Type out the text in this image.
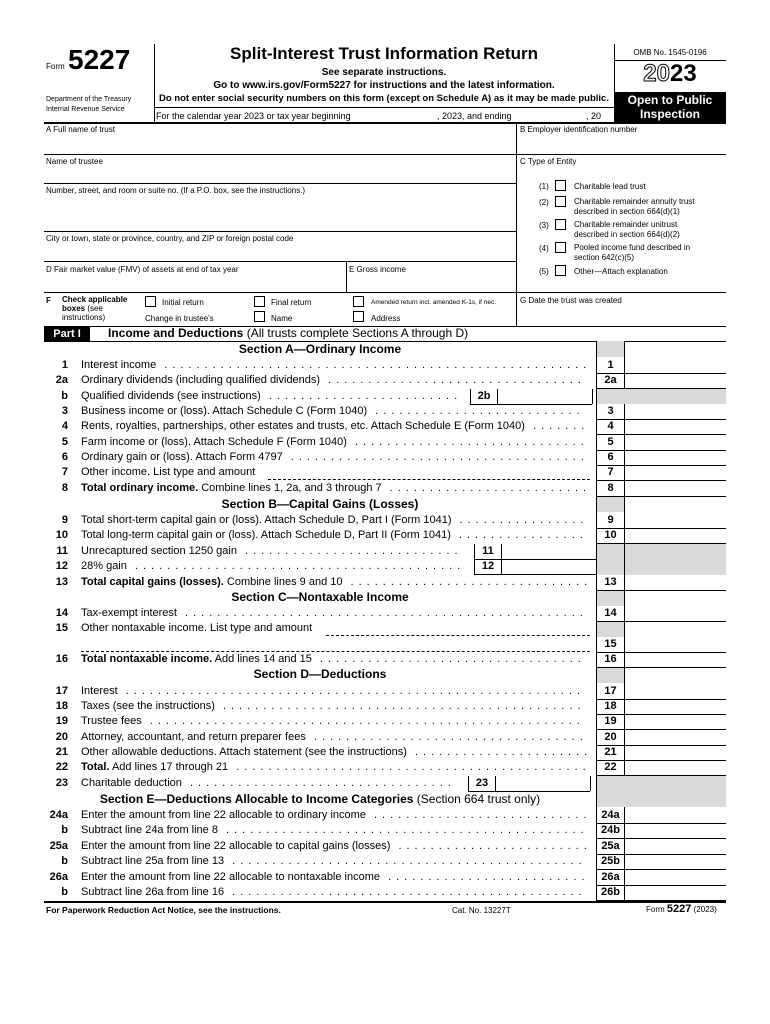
Form 5227
Department of the Treasury
Internal Revenue Service
Split-Interest Trust Information Return
See separate instructions.
Go to www.irs.gov/Form5227 for instructions and the latest information.
Do not enter social security numbers on this form (except on Schedule A) as it may be made public.
OMB No. 1545-0196
2023
Open to Public Inspection
For the calendar year 2023 or tax year beginning	, 2023, and ending	, 20
A Full name of trust	B Employer identification number
Name of trustee	C Type of Entity
Number, street, and room or suite no. (If a P.O. box, see the instructions.)
City or town, state or province, country, and ZIP or foreign postal code
D Fair market value (FMV) of assets at end of tax year	E Gross income
(1)	Charitable lead trust
(2)	Charitable remainder annuity trust
described in section 664(d)(1)
(3)	Charitable remainder unitrust
described in section 664(d)(2)
(4)	Pooled income fund described in
section 642(c)(5)
(5)	Other—Attach explanation
F Check applicable
boxes (see
instructions)
Initial return	Final return	Amended return incl. amended K-1s, if nec.
Change in trustee's	Name	Address
G Date the trust was created
Part I	Income and Deductions (All trusts complete Sections A through D)
Section A—Ordinary Income
1 Interest income .....................................................	1
2a Ordinary dividends (including qualified dividends) ................................	2a
b Qualified dividends (see instructions) ........................	2b
3 Business income or (loss). Attach Schedule C (Form 1040) ..........................	3
4 Rents, royalties, partnerships, other estates and trusts, etc. Attach Schedule E (Form 1040) .......	4
5 Farm income or (loss). Attach Schedule F (Form 1040) .............................	5
6 Ordinary gain or (loss). Attach Form 4797 .....................................	6
7 Other income. List type and amount	7
8 Total ordinary income. Combine lines 1, 2a, and 3 through 7 .........................	8
9 Total short-term capital gain or (loss). Attach Schedule D, Part I (Form 1041) ................	9
10 Total long-term capital gain or (loss). Attach Schedule D, Part II (Form 1041) ................	10
11 Unrecaptured section 1250 gain ...........................	11
12 28% gain .........................................	12
13 Total capital gains (losses). Combine lines 9 and 10 ..............................	13
14 Tax-exempt interest ..................................................	14
15 Other nontaxable income. List type and amount
15
16 Total nontaxable income. Add lines 14 and 15 .................................	16
17 Interest .........................................................	17
18 Taxes (see the instructions) .............................................	18
19 Trustee fees ......................................................	19
20 Attorney, accountant, and return preparer fees ..................................	20
21 Other allowable deductions. Attach statement (see the instructions) ......................	21
22 Total. Add lines 17 through 21 ............................................	22
23 Charitable deduction .................................	23
24a Enter the amount from line 22 allocable to ordinary income ........................... 24a
b Subtract line 24a from line 8 .............................................	24b
25a Enter the amount from line 22 allocable to capital gains (losses) ........................ 25a
b Subtract line 25a from line 13 ............................................	25b
26a Enter the amount from line 22 allocable to nontaxable income .........................	26a
b Subtract line 26a from line 16 ............................................	26b
Section B—Capital Gains (Losses)
Section C—Nontaxable Income
Section D—Deductions
Section E—Deductions Allocable to Income Categories (Section 664 trust only)
For Paperwork Reduction Act Notice, see the instructions.	Cat. No. 13227T	Form 5227 (2023)
